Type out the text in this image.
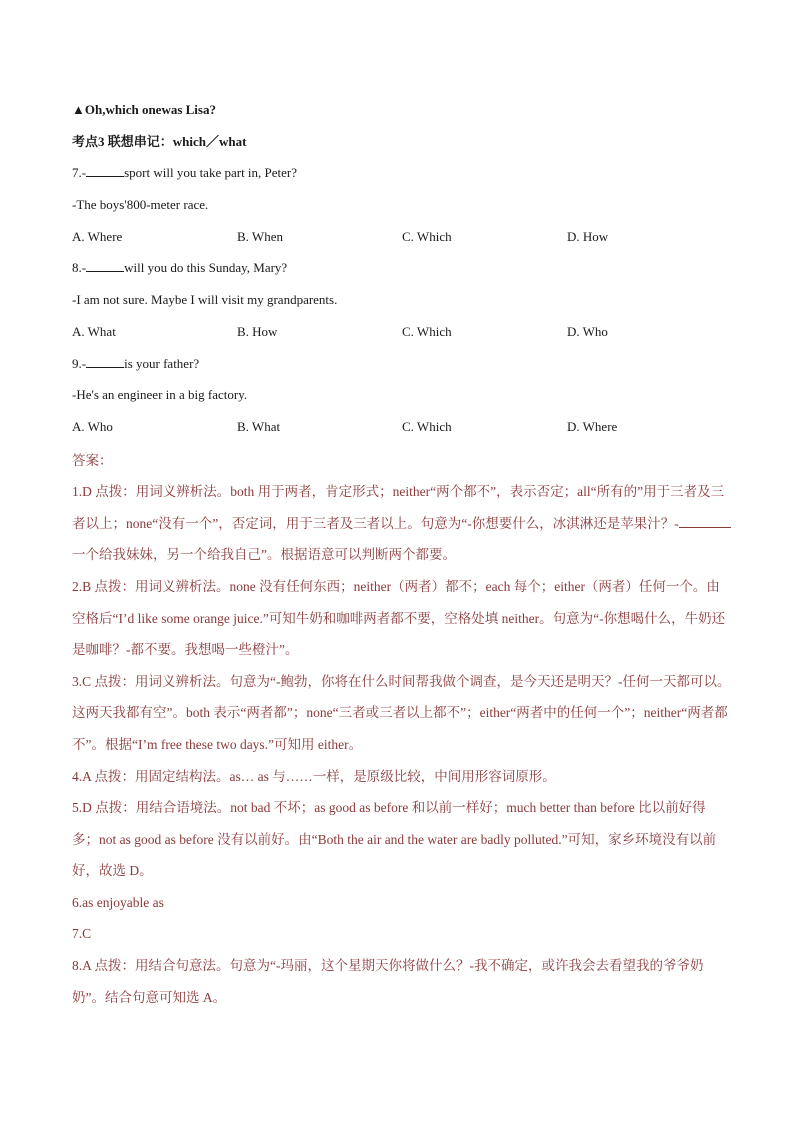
▲Oh,which onewas Lisa?
考点3 联想串记：which／what
7.-	sport will you take part in, Peter?
-The boys'800-meter race.
A. Where	B. When	C. Which	D. How
8.-	will you do this Sunday, Mary?
-I am not sure. Maybe I will visit my grandparents.
A. What	B. How	C. Which	D. Who
9.-	is your father?
-He's an engineer in a big factory.
A. Who	B. What	C. Which	D. Where

答案：

1.D 点拨：用词义辨析法。both 用于两者，肯定形式；neither“两个都不”，表示否定；all“所有的”用于三者及三者以上；none“没有一个”，否定词，用于三者及三者以上。句意为“-你想要什么，冰淇淋还是苹果汁？-一个给我妹妹，另一个给我自己”。根据语意可以判断两个都要。

2.B 点拨：用词义辨析法。none 没有任何东西；neither（两者）都不；each 每个；either（两者）任何一个。由空格后“I’d like some orange juice.”可知牛奶和咖啡两者都不要，空格处填 neither。句意为“-你想喝什么，牛奶还是咖啡？-都不要。我想喝一些橙汁”。

3.C 点拨：用词义辨析法。句意为“-鲍勃，你将在什么时间帮我做个调查，是今天还是明天？-任何一天都可以。这两天我都有空”。both 表示“两者都”；none“三者或三者以上都不”；either“两者中的任何一个”；neither“两者都不”。根据“I’m free these two days.”可知用 either。

4.A 点拨：用固定结构法。as… as 与……一样，是原级比较，中间用形容词原形。

5.D 点拨：用结合语境法。not bad 不坏；as good as before 和以前一样好；much better than before 比以前好得多；not as good as before 没有以前好。由“Both the air and the water are badly polluted.”可知，家乡环境没有以前好，故选 D。

6.as enjoyable as

7.C

8.A 点拨：用结合句意法。句意为“-玛丽，这个星期天你将做什么？-我不确定，或许我会去看望我的爷爷奶奶”。结合句意可知选 A。
